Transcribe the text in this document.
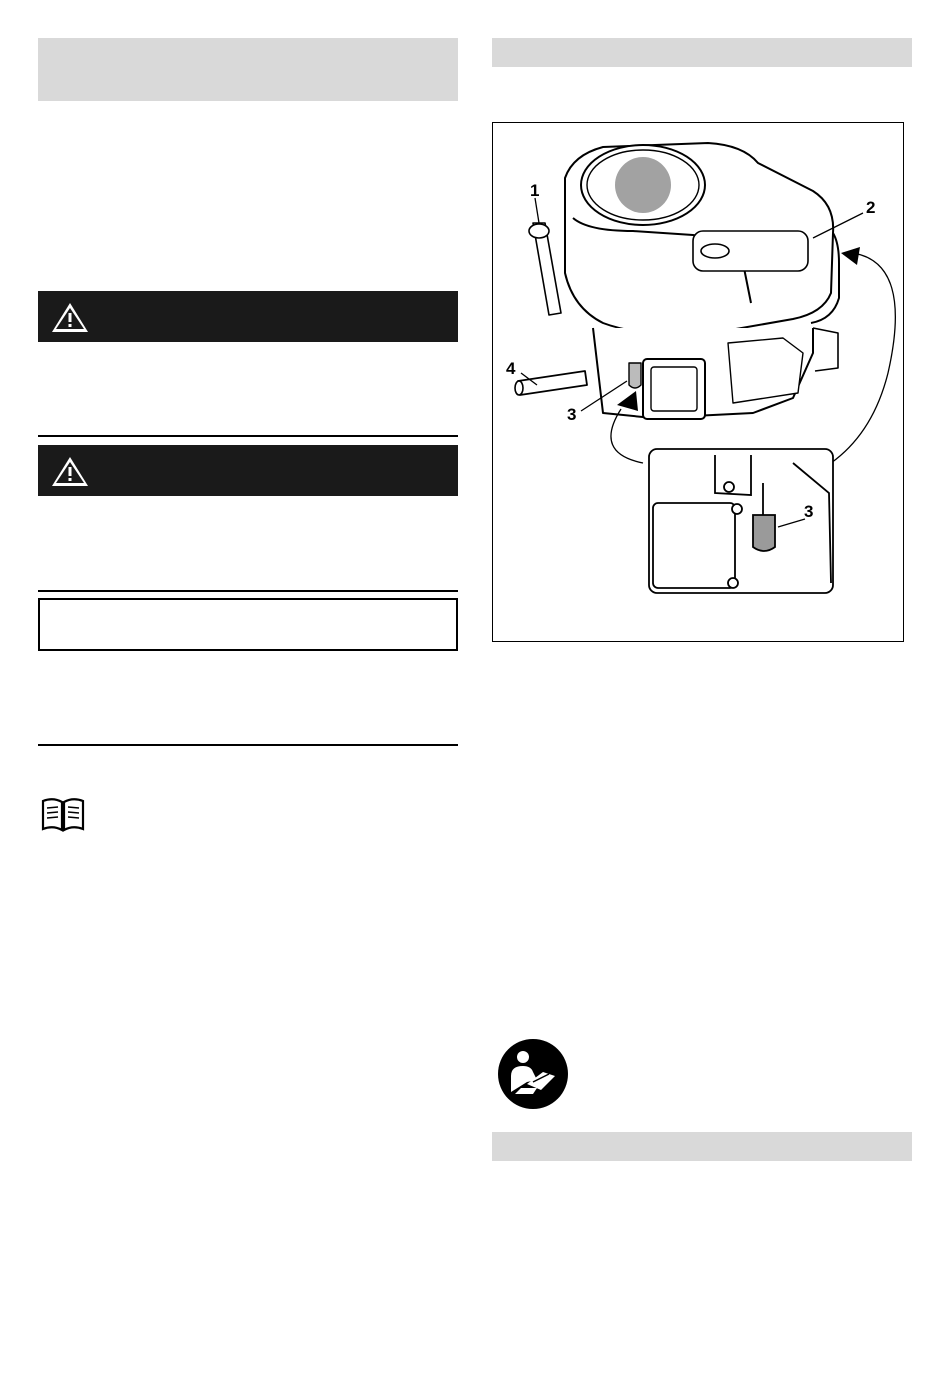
1
2
3
3
4
